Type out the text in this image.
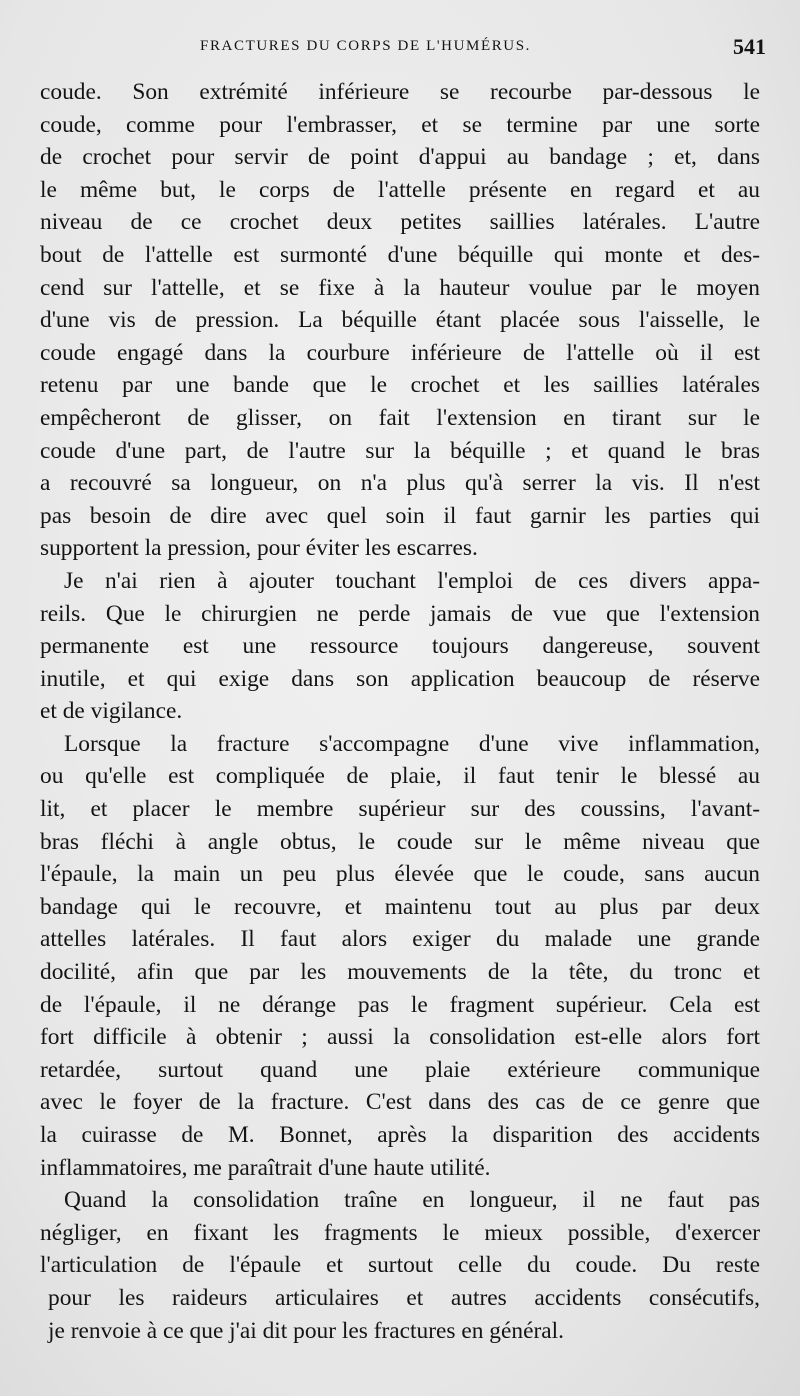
FRACTURES DU CORPS DE L'HUMÉRUS.	541
coude. Son extrémité inférieure se recourbe par-dessous le
coude, comme pour l'embrasser, et se termine par une sorte
de crochet pour servir de point d'appui au bandage ; et, dans
le même but, le corps de l'attelle présente en regard et au
niveau de ce crochet deux petites saillies latérales. L'autre
bout de l'attelle est surmonté d'une béquille qui monte et des-
cend sur l'attelle, et se fixe à la hauteur voulue par le moyen
d'une vis de pression. La béquille étant placée sous l'aisselle, le
coude engagé dans la courbure inférieure de l'attelle où il est
retenu par une bande que le crochet et les saillies latérales
empêcheront de glisser, on fait l'extension en tirant sur le
coude d'une part, de l'autre sur la béquille ; et quand le bras
a recouvré sa longueur, on n'a plus qu'à serrer la vis. Il n'est
pas besoin de dire avec quel soin il faut garnir les parties qui
supportent la pression, pour éviter les escarres.
Je n'ai rien à ajouter touchant l'emploi de ces divers appa-
reils. Que le chirurgien ne perde jamais de vue que l'extension
permanente est une ressource toujours dangereuse, souvent
inutile, et qui exige dans son application beaucoup de réserve
et de vigilance.
Lorsque la fracture s'accompagne d'une vive inflammation,
ou qu'elle est compliquée de plaie, il faut tenir le blessé au
lit, et placer le membre supérieur sur des coussins, l'avant-
bras fléchi à angle obtus, le coude sur le même niveau que
l'épaule, la main un peu plus élevée que le coude, sans aucun
bandage qui le recouvre, et maintenu tout au plus par deux
attelles latérales. Il faut alors exiger du malade une grande
docilité, afin que par les mouvements de la tête, du tronc et
de l'épaule, il ne dérange pas le fragment supérieur. Cela est
fort difficile à obtenir ; aussi la consolidation est-elle alors fort
retardée, surtout quand une plaie extérieure communique
avec le foyer de la fracture. C'est dans des cas de ce genre que
la cuirasse de M. Bonnet, après la disparition des accidents
inflammatoires, me paraîtrait d'une haute utilité.
Quand la consolidation traîne en longueur, il ne faut pas
négliger, en fixant les fragments le mieux possible, d'exercer
l'articulation de l'épaule et surtout celle du coude. Du reste
pour les raideurs articulaires et autres accidents consécutifs,
je renvoie à ce que j'ai dit pour les fractures en général.
